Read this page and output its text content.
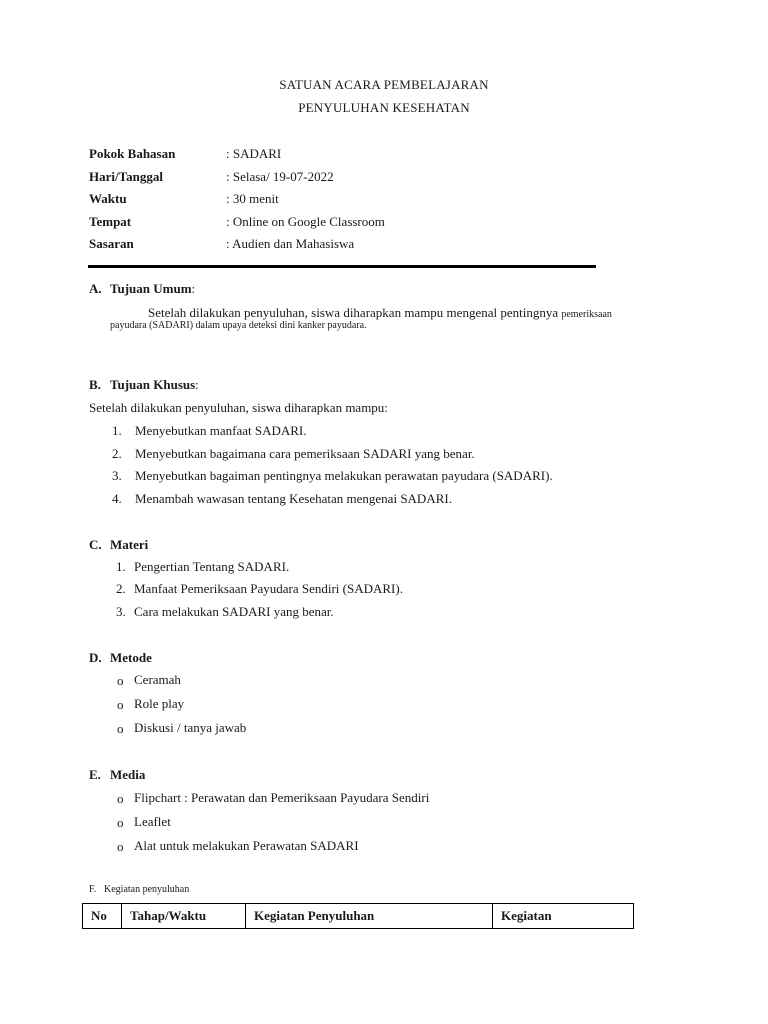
SATUAN ACARA PEMBELAJARAN
PENYULUHAN KESEHATAN
Pokok Bahasan	: SADARI
Hari/Tanggal	: Selasa/ 19-07-2022
Waktu	: 30 menit
Tempat	: Online on Google Classroom
Sasaran	: Audien dan Mahasiswa
A. Tujuan Umum:
Setelah dilakukan penyuluhan, siswa diharapkan mampu mengenal pentingnya pemeriksaan
payudara (SADARI) dalam upaya deteksi dini kanker payudara.
B. Tujuan Khusus:
Setelah dilakukan penyuluhan, siswa diharapkan mampu:
1. Menyebutkan manfaat SADARI.
2. Menyebutkan bagaimana cara pemeriksaan SADARI yang benar.
3. Menyebutkan bagaiman pentingnya melakukan perawatan payudara (SADARI).
4. Menambah wawasan tentang Kesehatan mengenai SADARI.
C. Materi
1. Pengertian Tentang SADARI.
2. Manfaat Pemeriksaan Payudara Sendiri (SADARI).
3. Cara melakukan SADARI yang benar.
D. Metode
o Ceramah
o Role play
o Diskusi / tanya jawab
E. Media
o Flipchart : Perawatan dan Pemeriksaan Payudara Sendiri
o Leaflet
o Alat untuk melakukan Perawatan SADARI
F. Kegiatan penyuluhan
No	Tahap/Waktu	Kegiatan Penyuluhan	Kegiatan
